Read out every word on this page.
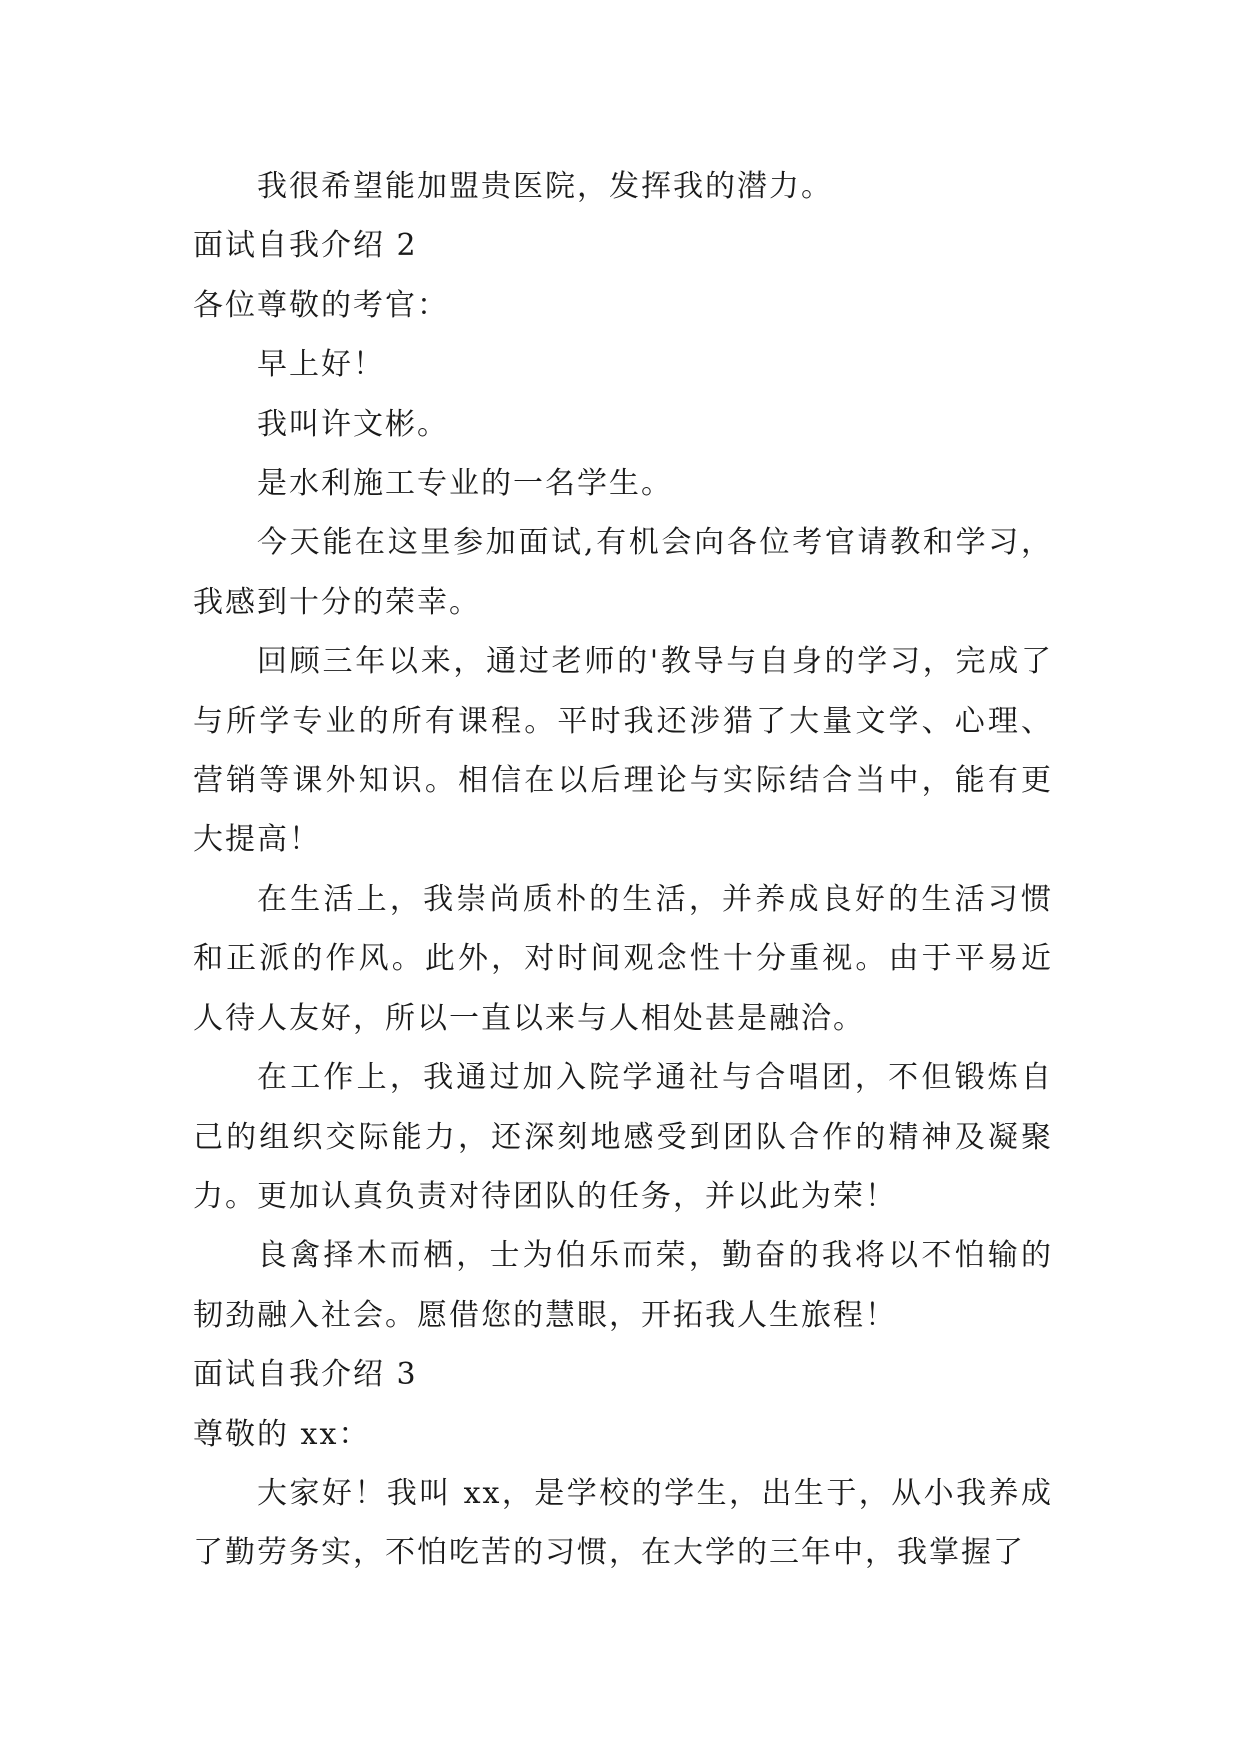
我很希望能加盟贵医院，发挥我的潜力。

面试自我介绍 2

各位尊敬的考官：

早上好！

我叫许文彬。

是水利施工专业的一名学生。

今天能在这里参加面试,有机会向各位考官请教和学习，我感到十分的荣幸。

回顾三年以来，通过老师的'教导与自身的学习，完成了与所学专业的所有课程。平时我还涉猎了大量文学、心理、营销等课外知识。相信在以后理论与实际结合当中，能有更大提高！

在生活上，我崇尚质朴的生活，并养成良好的生活习惯和正派的作风。此外，对时间观念性十分重视。由于平易近人待人友好，所以一直以来与人相处甚是融洽。

在工作上，我通过加入院学通社与合唱团，不但锻炼自己的组织交际能力，还深刻地感受到团队合作的精神及凝聚力。更加认真负责对待团队的任务，并以此为荣！

良禽择木而栖，士为伯乐而荣，勤奋的我将以不怕输的韧劲融入社会。愿借您的慧眼，开拓我人生旅程！

面试自我介绍 3

尊敬的 xx：

大家好！我叫 xx，是学校的学生，出生于，从小我养成了勤劳务实，不怕吃苦的习惯，在大学的三年中，我掌握了
